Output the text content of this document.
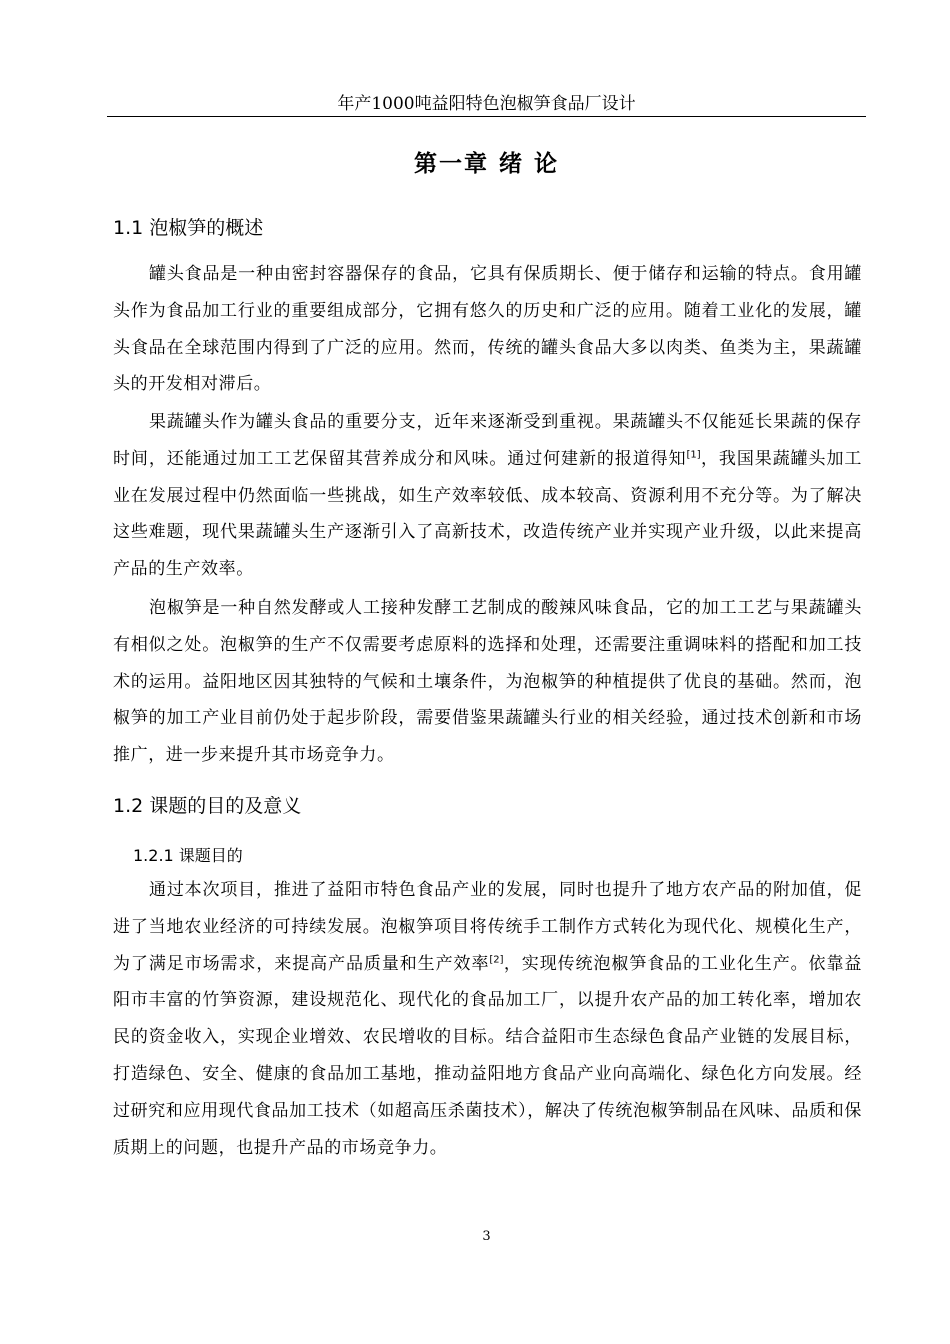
年产1000吨益阳特色泡椒笋食品厂设计
第一章 绪 论
1.1 泡椒笋的概述

罐头食品是一种由密封容器保存的食品，它具有保质期长、便于储存和运输的特点。食用罐头作为食品加工行业的重要组成部分，它拥有悠久的历史和广泛的应用。随着工业化的发展，罐头食品在全球范围内得到了广泛的应用。然而，传统的罐头食品大多以肉类、鱼类为主，果蔬罐头的开发相对滞后。

果蔬罐头作为罐头食品的重要分支，近年来逐渐受到重视。果蔬罐头不仅能延长果蔬的保存时间，还能通过加工工艺保留其营养成分和风味。通过何建新的报道得知[1]，我国果蔬罐头加工业在发展过程中仍然面临一些挑战，如生产效率较低、成本较高、资源利用不充分等。为了解决这些难题，现代果蔬罐头生产逐渐引入了高新技术，改造传统产业并实现产业升级，以此来提高产品的生产效率。

泡椒笋是一种自然发酵或人工接种发酵工艺制成的酸辣风味食品，它的加工工艺与果蔬罐头有相似之处。泡椒笋的生产不仅需要考虑原料的选择和处理，还需要注重调味料的搭配和加工技术的运用。益阳地区因其独特的气候和土壤条件，为泡椒笋的种植提供了优良的基础。然而，泡椒笋的加工产业目前仍处于起步阶段，需要借鉴果蔬罐头行业的相关经验，通过技术创新和市场推广，进一步来提升其市场竞争力。

1.2 课题的目的及意义
1.2.1 课题目的

通过本次项目，推进了益阳市特色食品产业的发展，同时也提升了地方农产品的附加值，促进了当地农业经济的可持续发展。泡椒笋项目将传统手工制作方式转化为现代化、规模化生产，为了满足市场需求，来提高产品质量和生产效率[2]，实现传统泡椒笋食品的工业化生产。依靠益阳市丰富的竹笋资源，建设规范化、现代化的食品加工厂，以提升农产品的加工转化率，增加农民的资金收入，实现企业增效、农民增收的目标。结合益阳市生态绿色食品产业链的发展目标，打造绿色、安全、健康的食品加工基地，推动益阳地方食品产业向高端化、绿色化方向发展。经过研究和应用现代食品加工技术（如超高压杀菌技术），解决了传统泡椒笋制品在风味、品质和保质期上的问题，也提升产品的市场竞争力。

3
